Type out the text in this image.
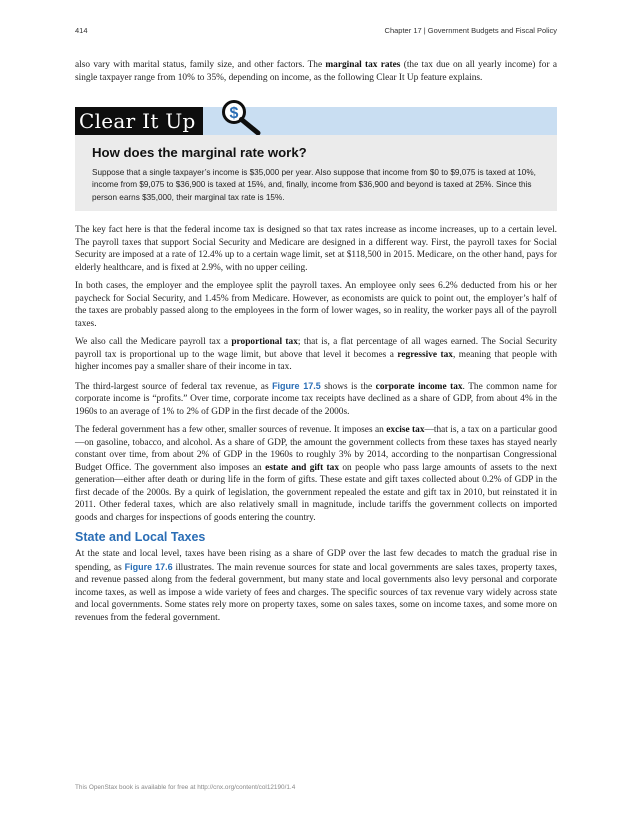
414	Chapter 17 | Government Budgets and Fiscal Policy

also vary with marital status, family size, and other factors. The marginal tax rates (the tax due on all yearly income) for a single taxpayer range from 10% to 35%, depending on income, as the following Clear It Up feature explains.

Clear It Up	$
How does the marginal rate work?

Suppose that a single taxpayer’s income is $35,000 per year. Also suppose that income from $0 to $9,075 is taxed at 10%, income from $9,075 to $36,900 is taxed at 15%, and, finally, income from $36,900 and beyond is taxed at 25%. Since this person earns $35,000, their marginal tax rate is 15%.

The key fact here is that the federal income tax is designed so that tax rates increase as income increases, up to a certain level. The payroll taxes that support Social Security and Medicare are designed in a different way. First, the payroll taxes for Social Security are imposed at a rate of 12.4% up to a certain wage limit, set at $118,500 in 2015. Medicare, on the other hand, pays for elderly healthcare, and is fixed at 2.9%, with no upper ceiling.

In both cases, the employer and the employee split the payroll taxes. An employee only sees 6.2% deducted from his or her paycheck for Social Security, and 1.45% from Medicare. However, as economists are quick to point out, the employer’s half of the taxes are probably passed along to the employees in the form of lower wages, so in reality, the worker pays all of the payroll taxes.

We also call the Medicare payroll tax a proportional tax; that is, a flat percentage of all wages earned. The Social Security payroll tax is proportional up to the wage limit, but above that level it becomes a regressive tax, meaning that people with higher incomes pay a smaller share of their income in tax.

The third-largest source of federal tax revenue, as Figure 17.5 shows is the corporate income tax. The common name for corporate income is “profits.” Over time, corporate income tax receipts have declined as a share of GDP, from about 4% in the 1960s to an average of 1% to 2% of GDP in the first decade of the 2000s.

The federal government has a few other, smaller sources of revenue. It imposes an excise tax—that is, a tax on a particular good—on gasoline, tobacco, and alcohol. As a share of GDP, the amount the government collects from these taxes has stayed nearly constant over time, from about 2% of GDP in the 1960s to roughly 3% by 2014, according to the nonpartisan Congressional Budget Office. The government also imposes an estate and gift tax on people who pass large amounts of assets to the next generation—either after death or during life in the form of gifts. These estate and gift taxes collected about 0.2% of GDP in the first decade of the 2000s. By a quirk of legislation, the government repealed the estate and gift tax in 2010, but reinstated it in 2011. Other federal taxes, which are also relatively small in magnitude, include tariffs the government collects on imported goods and charges for inspections of goods entering the country.

State and Local Taxes

At the state and local level, taxes have been rising as a share of GDP over the last few decades to match the gradual rise in spending, as Figure 17.6 illustrates. The main revenue sources for state and local governments are sales taxes, property taxes, and revenue passed along from the federal government, but many state and local governments also levy personal and corporate income taxes, as well as impose a wide variety of fees and charges. The specific sources of tax revenue vary widely across state and local governments. Some states rely more on property taxes, some on sales taxes, some on income taxes, and some more on revenues from the federal government.

This OpenStax book is available for free at http://cnx.org/content/col12190/1.4
